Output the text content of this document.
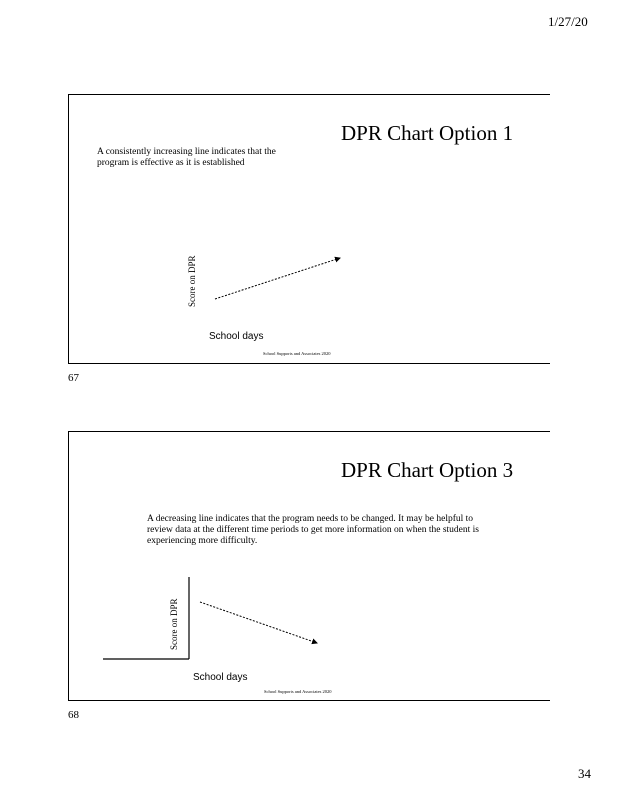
1/27/20
DPR Chart Option 1
A consistently increasing line indicates that the program is effective as it is established
Score on DPR
School days
School Supports and Associates 2020
67
DPR Chart Option 3
A decreasing line indicates that the program needs to be changed. It may be helpful to review data at the different time periods to get more information on when the student is experiencing more difficulty.
Score on DPR
School days
School Supports and Associates 2020
68
34
